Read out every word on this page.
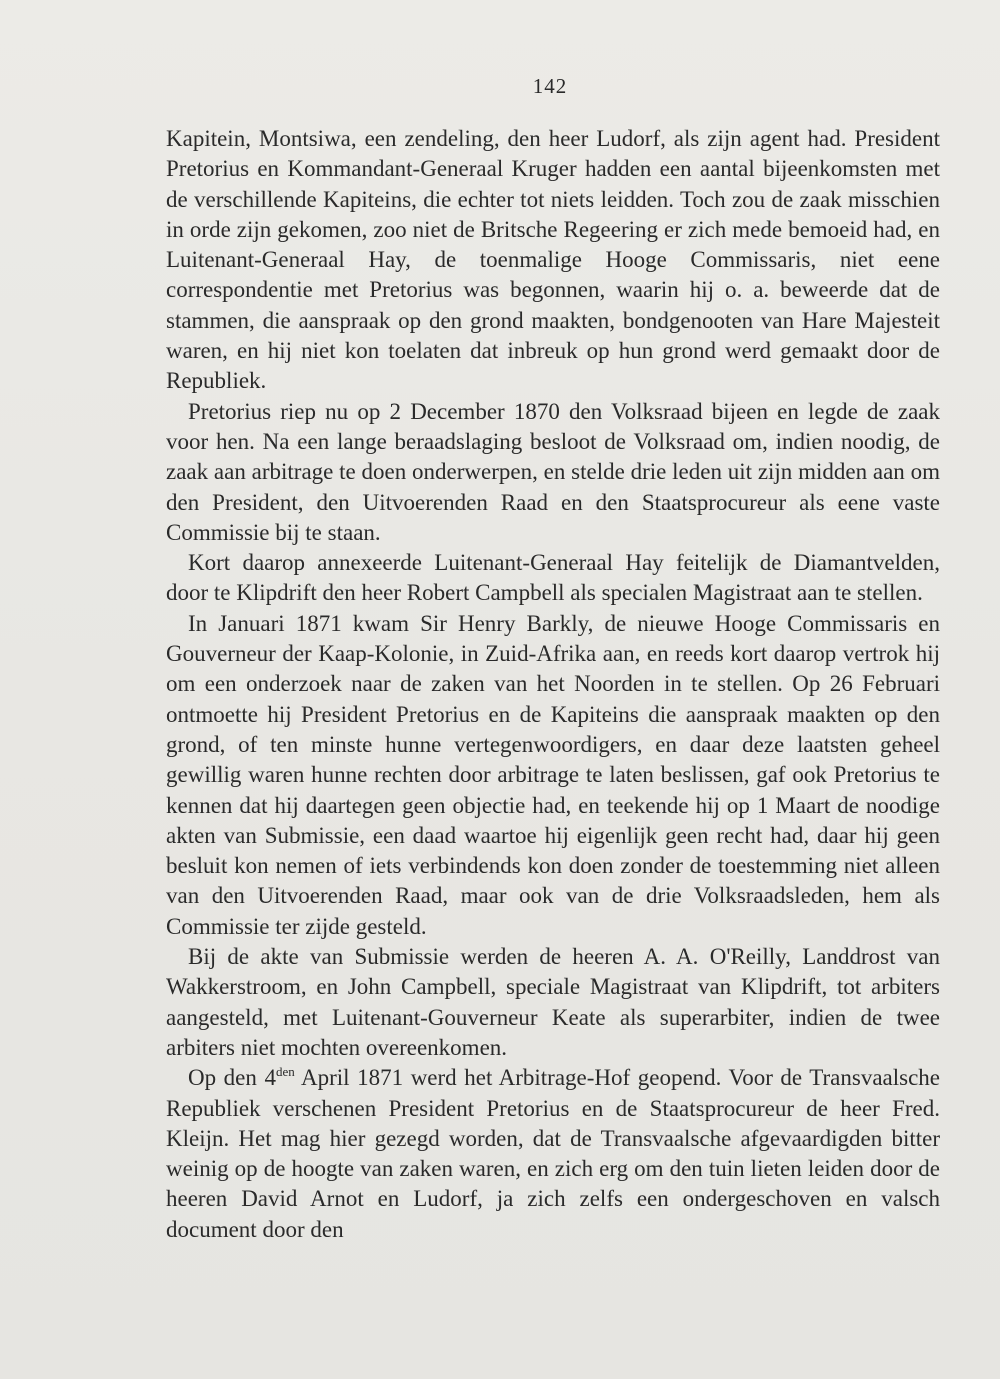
142

Kapitein, Montsiwa, een zendeling, den heer Ludorf, als zijn agent had. President Pretorius en Kommandant-Generaal Kruger hadden een aantal bijeenkomsten met de verschillende Kapiteins, die echter tot niets leidden. Toch zou de zaak misschien in orde zijn gekomen, zoo niet de Britsche Regeering er zich mede bemoeid had, en Luitenant-Generaal Hay, de toenmalige Hooge Commissaris, niet eene correspondentie met Pretorius was begonnen, waarin hij o. a. beweerde dat de stammen, die aanspraak op den grond maakten, bondgenooten van Hare Majesteit waren, en hij niet kon toelaten dat inbreuk op hun grond werd gemaakt door de Republiek.

Pretorius riep nu op 2 December 1870 den Volksraad bijeen en legde de zaak voor hen. Na een lange beraadslaging besloot de Volksraad om, indien noodig, de zaak aan arbitrage te doen onderwerpen, en stelde drie leden uit zijn midden aan om den President, den Uitvoerenden Raad en den Staatsprocureur als eene vaste Commissie bij te staan.

Kort daarop annexeerde Luitenant-Generaal Hay feitelijk de Diamantvelden, door te Klipdrift den heer Robert Campbell als specialen Magistraat aan te stellen.

In Januari 1871 kwam Sir Henry Barkly, de nieuwe Hooge Commissaris en Gouverneur der Kaap-Kolonie, in Zuid-Afrika aan, en reeds kort daarop vertrok hij om een onderzoek naar de zaken van het Noorden in te stellen. Op 26 Februari ontmoette hij President Pretorius en de Kapiteins die aanspraak maakten op den grond, of ten minste hunne vertegenwoordigers, en daar deze laatsten geheel gewillig waren hunne rechten door arbitrage te laten beslissen, gaf ook Pretorius te kennen dat hij daartegen geen objectie had, en teekende hij op 1 Maart de noodige akten van Submissie, een daad waartoe hij eigenlijk geen recht had, daar hij geen besluit kon nemen of iets verbindends kon doen zonder de toestemming niet alleen van den Uitvoerenden Raad, maar ook van de drie Volksraadsleden, hem als Commissie ter zijde gesteld.

Bij de akte van Submissie werden de heeren A. A. O'Reilly, Landdrost van Wakkerstroom, en John Campbell, speciale Magistraat van Klipdrift, tot arbiters aangesteld, met Luitenant-Gouverneur Keate als superarbiter, indien de twee arbiters niet mochten overeenkomen.

Op den $4^{den}$ April 1871 werd het Arbitrage-Hof geopend. Voor de Transvaalsche Republiek verschenen President Pretorius en de Staatsprocureur de heer Fred. Kleijn. Het mag hier gezegd worden, dat de Transvaalsche afgevaardigden bitter weinig op de hoogte van zaken waren, en zich erg om den tuin lieten leiden door de heeren David Arnot en Ludorf, ja zich zelfs een ondergeschoven en valsch document door den
